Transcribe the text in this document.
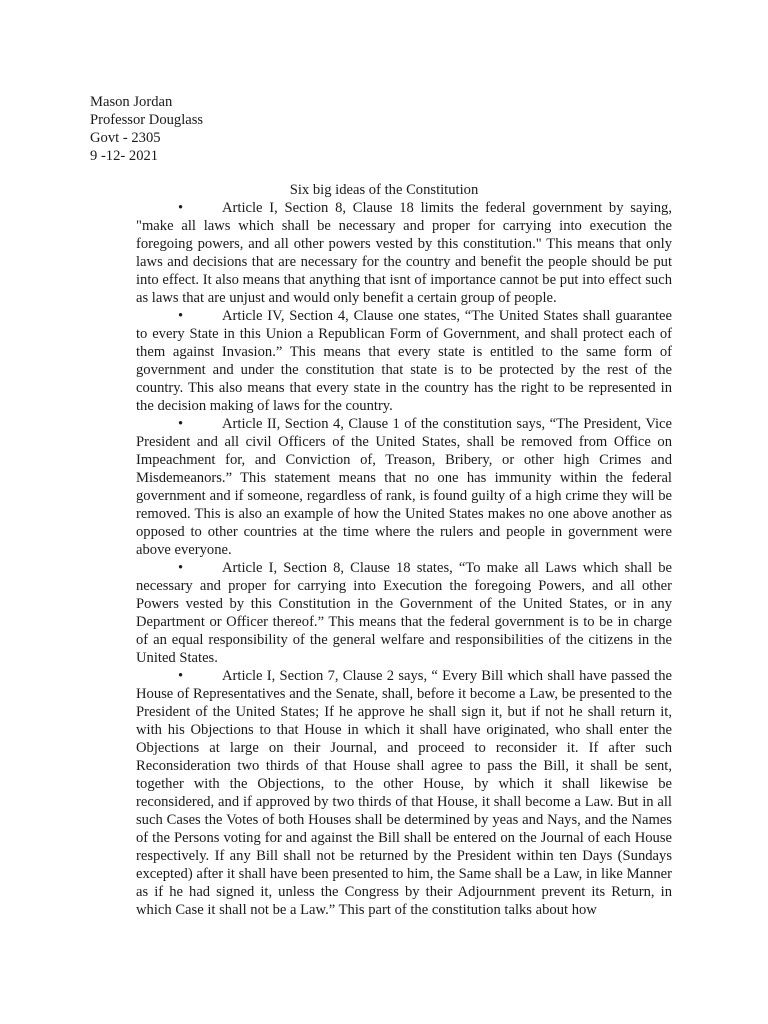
Mason Jordan
Professor Douglass
Govt - 2305
9 -12- 2021
Six big ideas of the Constitution
•	Article I, Section 8, Clause 18 limits the federal government by saying, "make all laws which shall be necessary and proper for carrying into execution the foregoing powers, and all other powers vested by this constitution." This means that only laws and decisions that are necessary for the country and benefit the people should be put into effect. It also means that anything that isnt of importance cannot be put into effect such as laws that are unjust and would only benefit a certain group of people.
•	Article IV, Section 4, Clause one states, “The United States shall guarantee to every State in this Union a Republican Form of Government, and shall protect each of them against Invasion.” This means that every state is entitled to the same form of government and under the constitution that state is to be protected by the rest of the country. This also means that every state in the country has the right to be represented in the decision making of laws for the country.
•	Article II, Section 4, Clause 1 of the constitution says, “The President, Vice President and all civil Officers of the United States, shall be removed from Office on Impeachment for, and Conviction of, Treason, Bribery, or other high Crimes and Misdemeanors.” This statement means that no one has immunity within the federal government and if someone, regardless of rank, is found guilty of a high crime they will be removed. This is also an example of how the United States makes no one above another as opposed to other countries at the time where the rulers and people in government were above everyone.
•	Article I, Section 8, Clause 18 states, “To make all Laws which shall be necessary and proper for carrying into Execution the foregoing Powers, and all other Powers vested by this Constitution in the Government of the United States, or in any Department or Officer thereof.” This means that the federal government is to be in charge of an equal responsibility of the general welfare and responsibilities of the citizens in the United States.
•	Article I, Section 7, Clause 2 says, “ Every Bill which shall have passed the House of Representatives and the Senate, shall, before it become a Law, be presented to the President of the United States; If he approve he shall sign it, but if not he shall return it, with his Objections to that House in which it shall have originated, who shall enter the Objections at large on their Journal, and proceed to reconsider it. If after such Reconsideration two thirds of that House shall agree to pass the Bill, it shall be sent, together with the Objections, to the other House, by which it shall likewise be reconsidered, and if approved by two thirds of that House, it shall become a Law. But in all such Cases the Votes of both Houses shall be determined by yeas and Nays, and the Names of the Persons voting for and against the Bill shall be entered on the Journal of each House respectively. If any Bill shall not be returned by the President within ten Days (Sundays excepted) after it shall have been presented to him, the Same shall be a Law, in like Manner as if he had signed it, unless the Congress by their Adjournment prevent its Return, in which Case it shall not be a Law.” This part of the constitution talks about how
